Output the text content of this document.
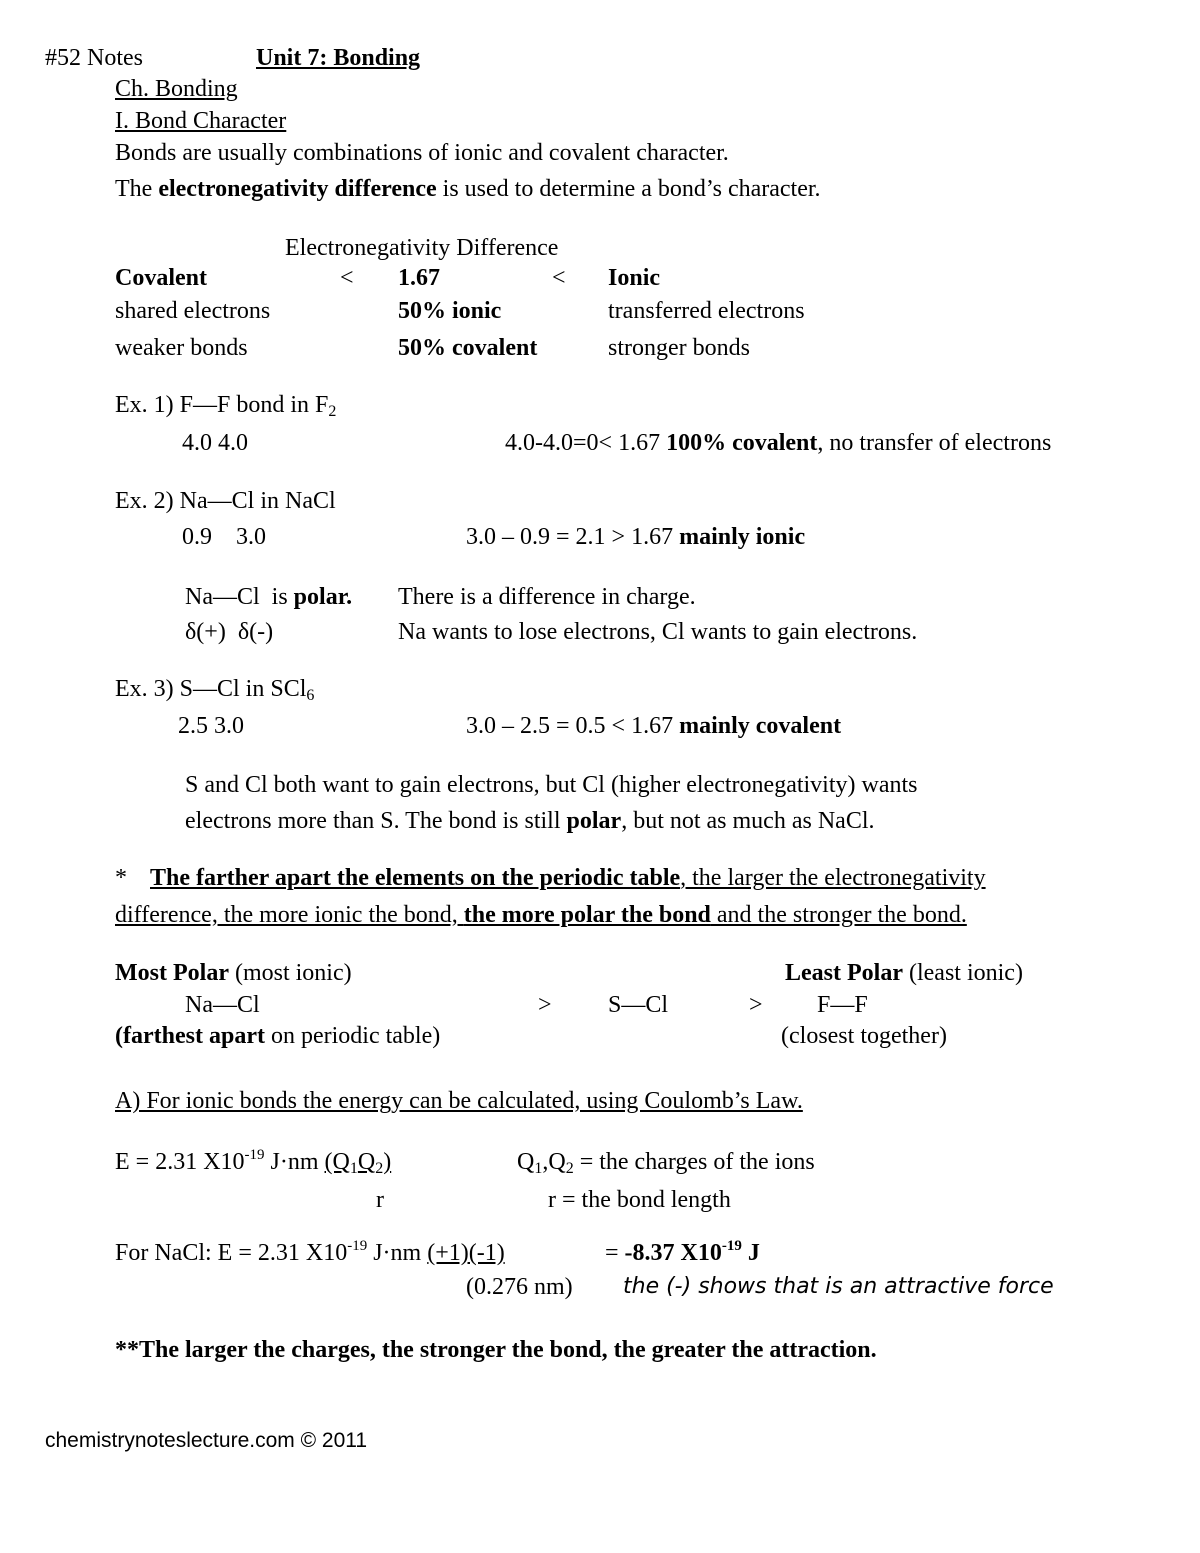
#52 Notes	Unit 7: Bonding
Ch. Bonding
I. Bond Character
Bonds are usually combinations of ionic and covalent character.
The electronegativity difference is used to determine a bond’s character.
Electronegativity Difference
Covalent	< 1.67	< Ionic
shared electrons	50% ionic	transferred electrons
weaker bonds	50% covalent	stronger bonds
Ex. 1) F—F bond in $F_2$
4.0 4.0	4.0-4.0=0< 1.67 100% covalent, no transfer of electrons
Ex. 2) Na—Cl in NaCl
0.9    3.0	3.0 – 0.9 = 2.1 > 1.67 mainly ionic
Na—Cl  is polar. There is a difference in charge.
δ(+)  δ(-)	Na wants to lose electrons, Cl wants to gain electrons.
Ex. 3) S—Cl in SCl$_6$
2.5 3.0	3.0 – 2.5 = 0.5 < 1.67 mainly covalent
S and Cl both want to gain electrons, but Cl (higher electronegativity) wants
electrons more than S. The bond is still polar, but not as much as NaCl.
* The farther apart the elements on the periodic table, the larger the electronegativity
difference, the more ionic the bond, the more polar the bond and the stronger the bond.
Most Polar (most ionic)	Least Polar (least ionic)
Na—Cl	> S—Cl	> F—F
(farthest apart on periodic table)	(closest together)
A) For ionic bonds the energy can be calculated, using Coulomb’s Law.
E = 2.31 $X10^{-19}$ J·nm $(Q_1Q_2)$
r
$Q_1,Q_2$ = the charges of the ions
r = the bond length
For NaCl: E = 2.31 $X10^{-19}$ J·nm (+1)(-1)	= -8.37 $X10^{-19}$ J
(0.276 nm) the (-) shows that is an attractive force
**The larger the charges, the stronger the bond, the greater the attraction.
chemistrynoteslecture.com © 2011
